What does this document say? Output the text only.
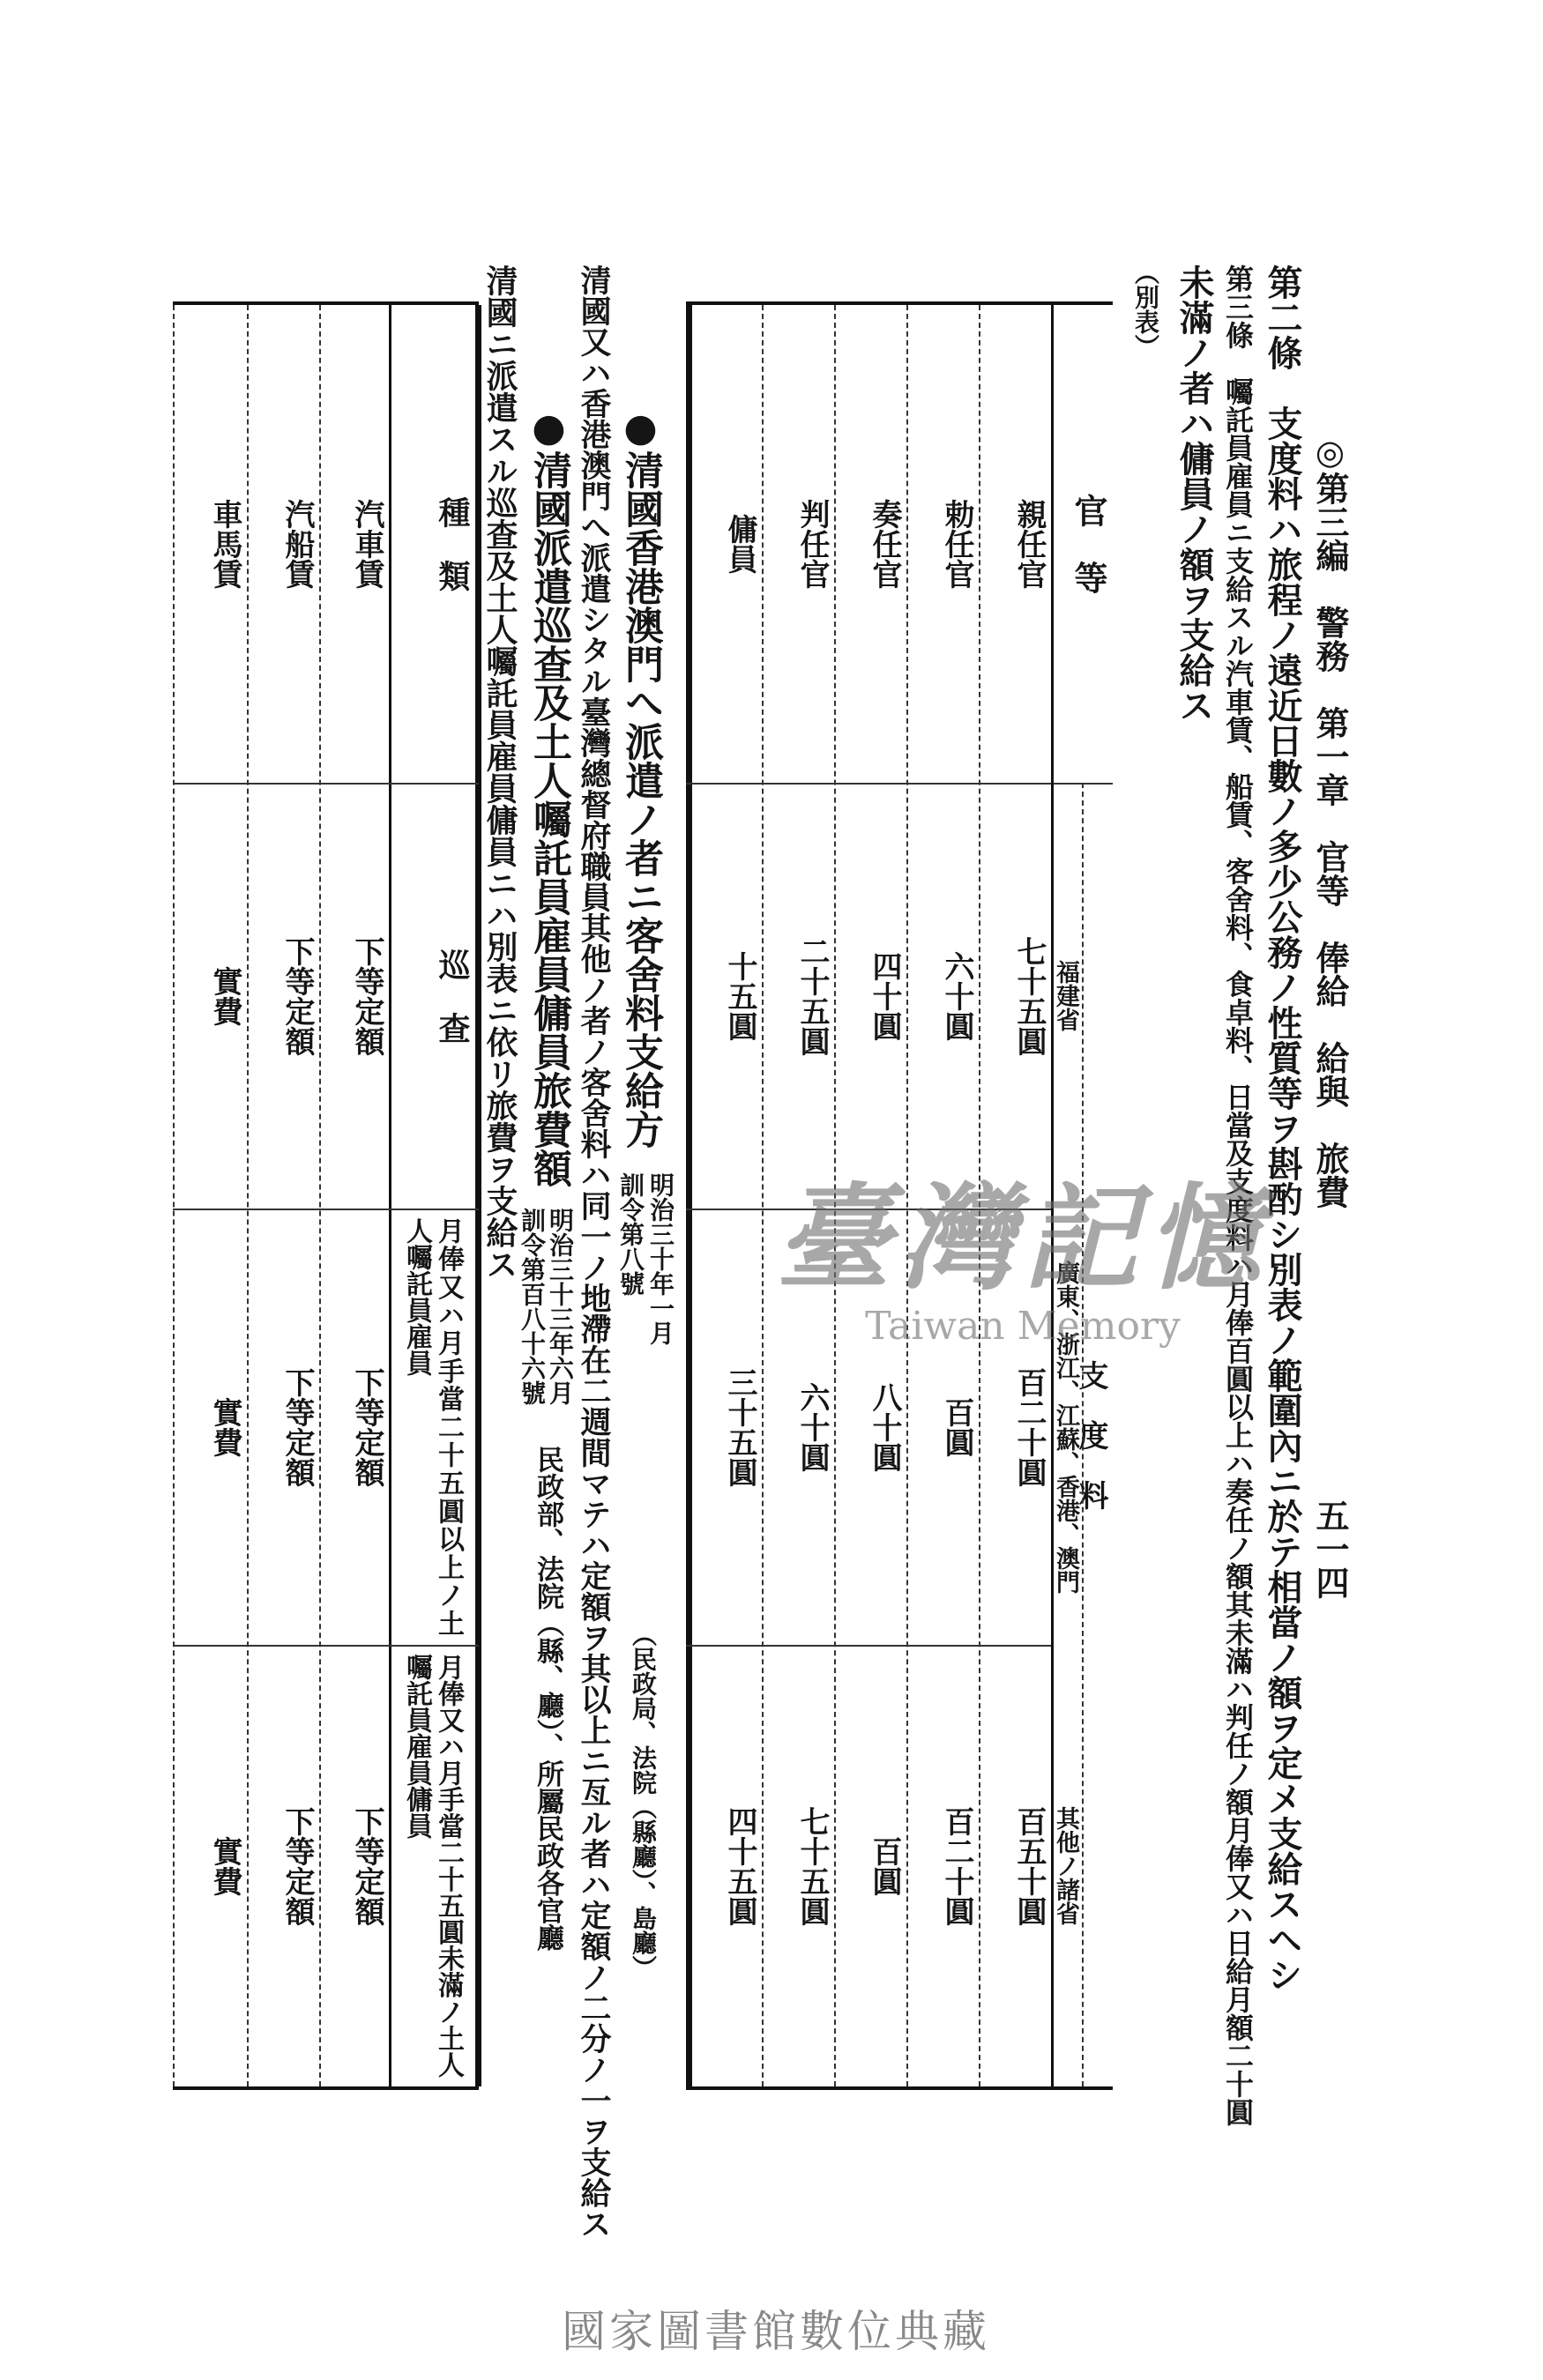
◎第三編　警務　第一章　官等　俸給　給與　旅費
五一四
第二條　支度料ハ旅程ノ遠近日數ノ多少公務ノ性質等ヲ斟酌シ別表ノ範圍內ニ於テ相當ノ額ヲ定メ支給スヘシ
第三條　囑託員雇員ニ支給スル汽車賃、船賃、客舍料、食卓料、日當及支度料ハ月俸百圓以上ハ奏任ノ額其未滿ハ判任ノ額月俸又ハ日給月額二十圓
未滿ノ者ハ傭員ノ額ヲ支給ス
（別表）
官　等
支　度　料
福建省
廣東、浙江、江蘇、香港、澳門
其他ノ諸省
親任官
七十五圓
百二十圓
百五十圓
勅任官
六十圓
百圓
百二十圓
奏任官
四十圓
八十圓
百圓
判任官
二十五圓
六十圓
七十五圓
傭員
十五圓
三十五圓
四十五圓
●清國香港澳門へ派遣ノ者ニ客舍料支給方
明治三十年一月
訓令第八號
（民政局、法院（縣廳）、島廳）
清國又ハ香港澳門へ派遣シタル臺灣總督府職員其他ノ者ノ客舍料ハ同一ノ地滯在二週間マテハ定額ヲ其以上ニ亙ル者ハ定額ノ二分ノ一ヲ支給ス
●清國派遣巡查及土人囑託員雇員傭員旅費額
明治三十三年六月
訓令第百八十六號
民政部、法院（縣、廳）、所屬民政各官廳
清國ニ派遣スル巡查及土人囑託員雇員傭員ニハ別表ニ依リ旅費ヲ支給ス
種　類
巡　查
月俸又ハ月手當二十五圓以上ノ土人囑託員雇員
月俸又ハ月手當二十五圓未滿ノ土人囑託員雇員傭員
汽車賃
下等定額
下等定額
下等定額
汽船賃
下等定額
下等定額
下等定額
車馬賃
實費
實費
實費
臺灣記憶
Taiwan Memory
國家圖書館數位典藏
